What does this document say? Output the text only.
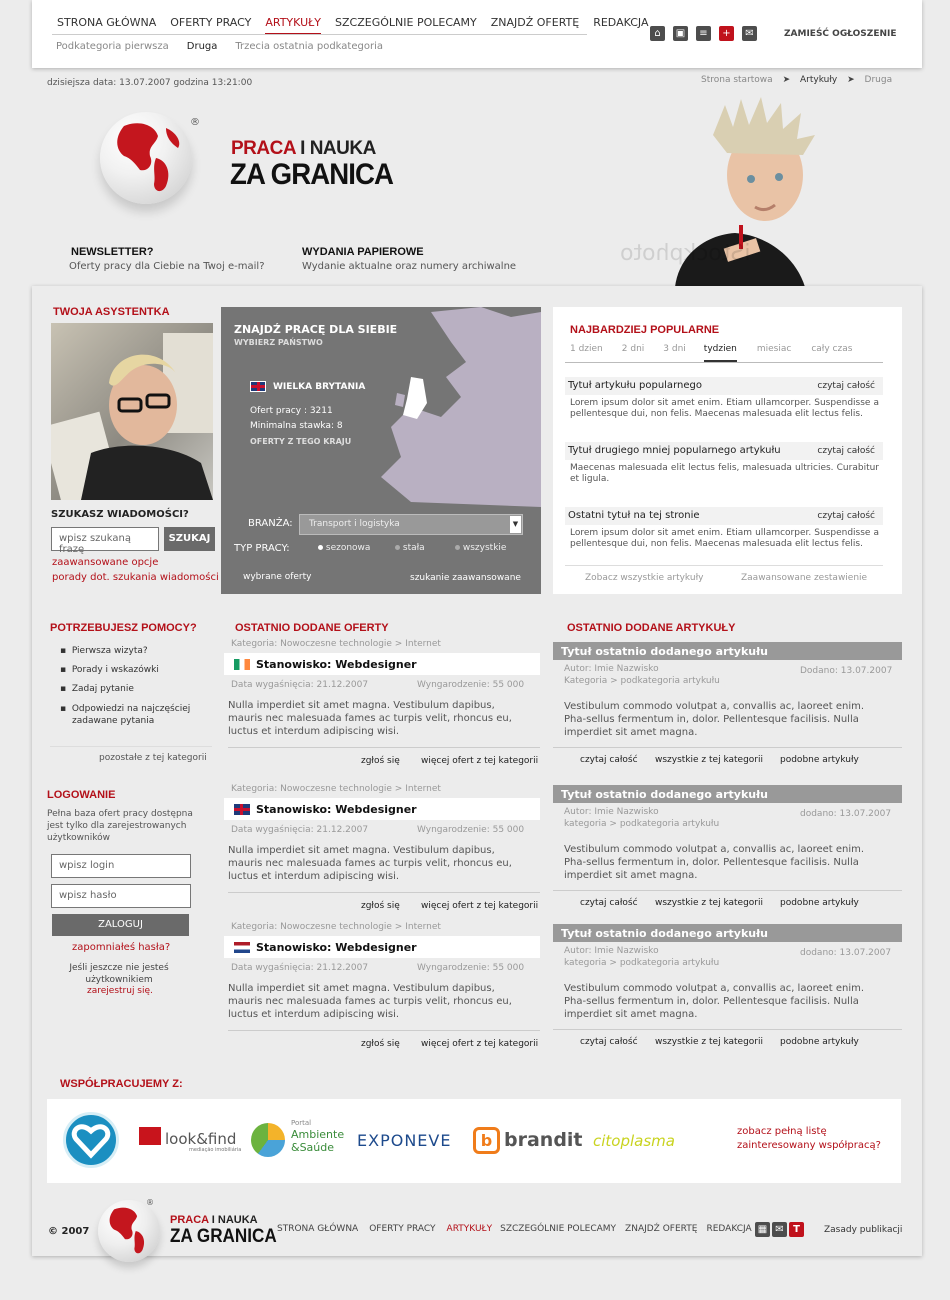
STRONA GŁÓWNA OFERTY PRACY ARTYKUŁY SZCZEGÓLNIE POLECAMY ZNAJDŹ OFERTĘ REDAKCJA
Podkategoria pierwsza Druga Trzecia ostatnia podkategoria
⌂ ▣ ≡ + ✉	ZAMIEŚĆ OGŁOSZENIE
dzisiejsza data: 13.07.2007 godzina 13:21:00	Strona startowa ➤ Artykuły ➤ Druga
®
PRACA I NAUKA
ZA GRANICA
NEWSLETTER?
Oferty pracy dla Ciebie na Twoj e-mail?
WYDANIA PAPIEROWE
Wydanie aktualne oraz numery archiwalne
iStockphoto
TWOJA ASYSTENTKA
SZUKASZ WIADOMOŚCI?
wpisz szukaną frazę
SZUKAJ
zaawansowane opcje
porady dot. szukania wiadomości
ZNAJDŹ PRACĘ DLA SIEBIE
WYBIERZ PAŃSTWO
WIELKA BRYTANIA
Ofert pracy : 3211
Minimalna stawka: 8
OFERTY Z TEGO KRAJU
BRANŻA: Transport i logistyka	▼
TYP PRACY:	sezonowa	stała	wszystkie
wybrane oferty	szukanie zaawansowane
NAJBARDZIEJ POPULARNE
1 dzien 2 dni 3 dni tydzien miesiac cały czas
Tytuł artykułu popularnego	czytaj całość
Lorem ipsum dolor sit amet enim. Etiam ullamcorper. Suspendisse a pellentesque dui, non felis. Maecenas malesuada elit lectus felis.
Tytuł drugiego mniej popularnego artykułu	czytaj całość
Maecenas malesuada elit lectus felis, malesuada ultricies. Curabitur et ligula.
Ostatni tytuł na tej stronie	czytaj całość
Lorem ipsum dolor sit amet enim. Etiam ullamcorper. Suspendisse a pellentesque dui, non felis. Maecenas malesuada elit lectus felis.
Zobacz wszystkie artykuły	Zaawansowane zestawienie
POTRZEBUJESZ POMOCY?
▪  Pierwsza wizyta?
▪  Porady i wskazówki
▪  Zadaj pytanie
▪  Odpowiedzi na najczęściej zadawane pytania
pozostałe z tej kategorii
LOGOWANIE
Pełna baza ofert pracy dostępna jest tylko dla zarejestrowanych użytkowników
wpisz login
wpisz hasło
ZALOGUJ
zapomniałeś hasła?
Jeśli jeszcze nie jesteś użytkownikiem
zarejestruj się.
OSTATNIO DODANE OFERTY
Kategoria: Nowoczesne technologie > Internet
Stanowisko: Webdesigner
Data wygaśnięcia: 21.12.2007	Wyngarodzenie: 55 000
Nulla imperdiet sit amet magna. Vestibulum dapibus, mauris nec malesuada fames ac turpis velit, rhoncus eu, luctus et interdum adipiscing wisi.
zgłoś się więcej ofert z tej kategorii
Kategoria: Nowoczesne technologie > Internet
Stanowisko: Webdesigner
Data wygaśnięcia: 21.12.2007	Wyngarodzenie: 55 000
Nulla imperdiet sit amet magna. Vestibulum dapibus, mauris nec malesuada fames ac turpis velit, rhoncus eu, luctus et interdum adipiscing wisi.
zgłoś się więcej ofert z tej kategorii
Kategoria: Nowoczesne technologie > Internet
Stanowisko: Webdesigner
Data wygaśnięcia: 21.12.2007	Wyngarodzenie: 55 000
Nulla imperdiet sit amet magna. Vestibulum dapibus, mauris nec malesuada fames ac turpis velit, rhoncus eu, luctus et interdum adipiscing wisi.
zgłoś się więcej ofert z tej kategorii
OSTATNIO DODANE ARTYKUŁY
Tytuł ostatnio dodanego artykułu
Autor: Imie Nazwisko	Dodano: 13.07.2007
Kategoria > podkategoria artykułu
Vestibulum commodo volutpat a, convallis ac, laoreet enim. Pha-sellus fermentum in, dolor. Pellentesque facilisis. Nulla imperdiet sit amet magna.
czytaj całość wszystkie z tej kategorii podobne artykuły
Tytuł ostatnio dodanego artykułu
Autor: Imie Nazwisko	dodano: 13.07.2007
kategoria > podkategoria artykułu
Vestibulum commodo volutpat a, convallis ac, laoreet enim. Pha-sellus fermentum in, dolor. Pellentesque facilisis. Nulla imperdiet sit amet magna.
czytaj całość wszystkie z tej kategorii podobne artykuły
Tytuł ostatnio dodanego artykułu
Autor: Imie Nazwisko	dodano: 13.07.2007
kategoria > podkategoria artykułu
Vestibulum commodo volutpat a, convallis ac, laoreet enim. Pha-sellus fermentum in, dolor. Pellentesque facilisis. Nulla imperdiet sit amet magna.
czytaj całość wszystkie z tej kategorii podobne artykuły
WSPÓŁPRACUJEMY Z:
look&find
mediação imobiliária
Portal
Ambiente
&Saúde EXPONEVE	b brandit citoplasma
zobacz pełną listę
zainteresowany współpracą?
© 2007
®
PRACA I NAUKA
ZA GRANICA STRONA GŁÓWNA OFERTY PRACY ARTYKUŁY SZCZEGÓLNIE POLECAMY ZNAJDŹ OFERTĘ REDAKCJA ▦ ✉ T	Zasady publikacji
